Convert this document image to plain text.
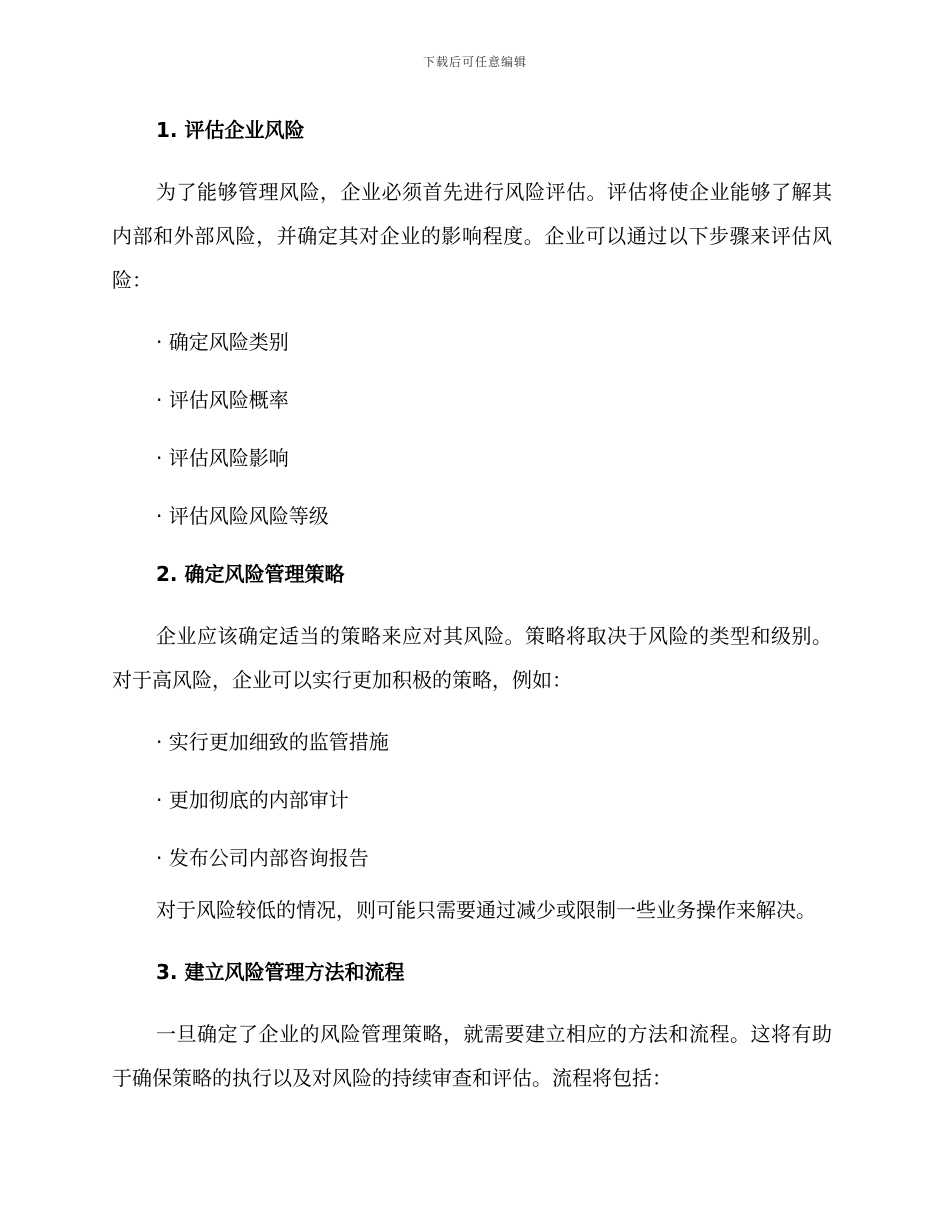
下载后可任意编辑
1. 评估企业风险

为了能够管理风险，企业必须首先进行风险评估。评估将使企业能够了解其内部和外部风险，并确定其对企业的影响程度。企业可以通过以下步骤来评估风险：

· 确定风险类别

· 评估风险概率

· 评估风险影响

· 评估风险风险等级

2. 确定风险管理策略

企业应该确定适当的策略来应对其风险。策略将取决于风险的类型和级别。对于高风险，企业可以实行更加积极的策略，例如：

· 实行更加细致的监管措施

· 更加彻底的内部审计

· 发布公司内部咨询报告

对于风险较低的情况，则可能只需要通过减少或限制一些业务操作来解决。

3. 建立风险管理方法和流程

一旦确定了企业的风险管理策略，就需要建立相应的方法和流程。这将有助于确保策略的执行以及对风险的持续审查和评估。流程将包括：
